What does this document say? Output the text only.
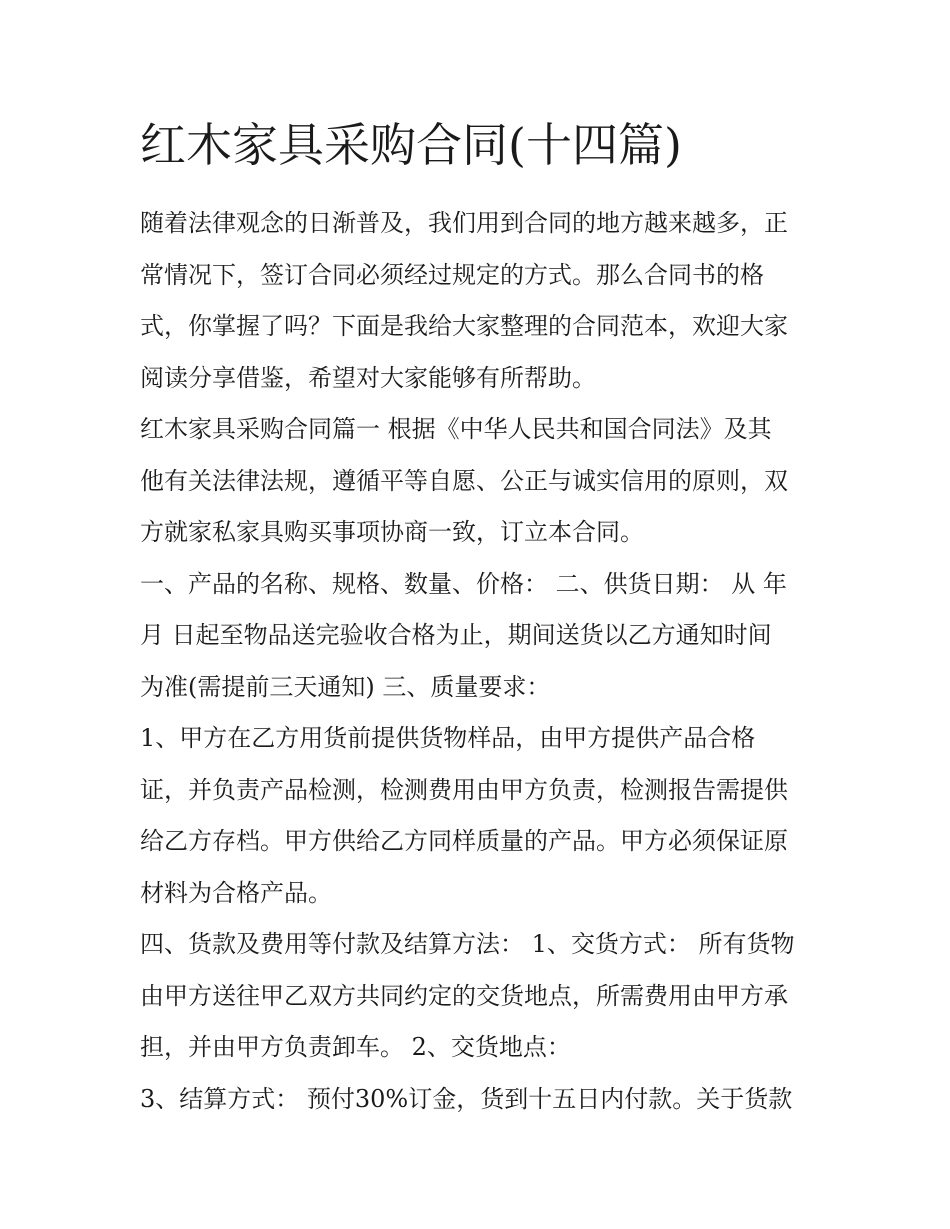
红木家具采购合同(十四篇)
随着法律观念的日渐普及，我们用到合同的地方越来越多，正
常情况下，签订合同必须经过规定的方式。那么合同书的格
式，你掌握了吗？下面是我给大家整理的合同范本，欢迎大家
阅读分享借鉴，希望对大家能够有所帮助。
红木家具采购合同篇一 根据《中华人民共和国合同法》及其
他有关法律法规，遵循平等自愿、公正与诚实信用的原则，双
方就家私家具购买事项协商一致，订立本合同。
一、产品的名称、规格、数量、价格： 二、供货日期： 从 年
月 日起至物品送完验收合格为止，期间送货以乙方通知时间
为准(需提前三天通知) 三、质量要求：
1、甲方在乙方用货前提供货物样品，由甲方提供产品合格
证，并负责产品检测，检测费用由甲方负责，检测报告需提供
给乙方存档。甲方供给乙方同样质量的产品。甲方必须保证原
材料为合格产品。
四、货款及费用等付款及结算方法： 1、交货方式： 所有货物
由甲方送往甲乙双方共同约定的交货地点，所需费用由甲方承
担，并由甲方负责卸车。 2、交货地点：
3、结算方式： 预付30%订金，货到十五日内付款。关于货款
